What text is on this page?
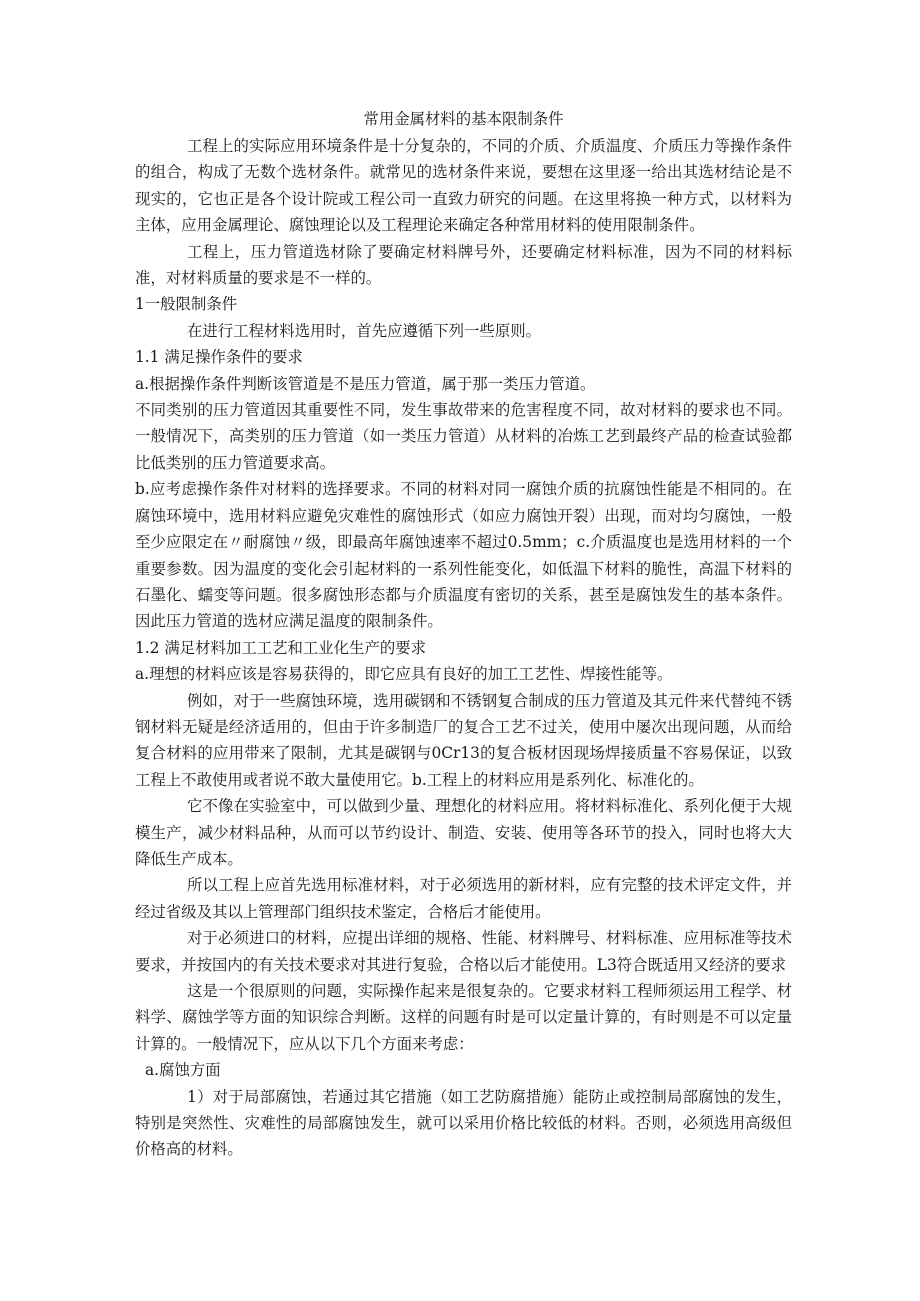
常用金属材料的基本限制条件

工程上的实际应用环境条件是十分复杂的，不同的介质、介质温度、介质压力等操作条件的组合，构成了无数个选材条件。就常见的选材条件来说，要想在这里逐一给出其选材结论是不现实的，它也正是各个设计院或工程公司一直致力研究的问题。在这里将换一种方式，以材料为主体，应用金属理论、腐蚀理论以及工程理论来确定各种常用材料的使用限制条件。

工程上，压力管道选材除了要确定材料牌号外，还要确定材料标准，因为不同的材料标准，对材料质量的要求是不一样的。

1一般限制条件

在进行工程材料选用时，首先应遵循下列一些原则。

1.1 满足操作条件的要求

a.根据操作条件判断该管道是不是压力管道，属于那一类压力管道。

不同类别的压力管道因其重要性不同，发生事故带来的危害程度不同，故对材料的要求也不同。一般情况下，高类别的压力管道（如一类压力管道）从材料的冶炼工艺到最终产品的检查试验都比低类别的压力管道要求高。

b.应考虑操作条件对材料的选择要求。不同的材料对同一腐蚀介质的抗腐蚀性能是不相同的。在腐蚀环境中，选用材料应避免灾难性的腐蚀形式（如应力腐蚀开裂）出现，而对均匀腐蚀，一般至少应限定在〃耐腐蚀〃级，即最高年腐蚀速率不超过0.5mm；c.介质温度也是选用材料的一个重要参数。因为温度的变化会引起材料的一系列性能变化，如低温下材料的脆性，高温下材料的石墨化、蠕变等问题。很多腐蚀形态都与介质温度有密切的关系，甚至是腐蚀发生的基本条件。因此压力管道的选材应满足温度的限制条件。

1.2 满足材料加工工艺和工业化生产的要求

a.理想的材料应该是容易获得的，即它应具有良好的加工工艺性、焊接性能等。

例如，对于一些腐蚀环境，选用碳钢和不锈钢复合制成的压力管道及其元件来代替纯不锈钢材料无疑是经济适用的，但由于许多制造厂的复合工艺不过关，使用中屡次出现问题，从而给复合材料的应用带来了限制，尤其是碳钢与0Cr13的复合板材因现场焊接质量不容易保证，以致工程上不敢使用或者说不敢大量使用它。b.工程上的材料应用是系列化、标准化的。

它不像在实验室中，可以做到少量、理想化的材料应用。将材料标准化、系列化便于大规模生产，减少材料品种，从而可以节约设计、制造、安装、使用等各环节的投入，同时也将大大降低生产成本。

所以工程上应首先选用标准材料，对于必须选用的新材料，应有完整的技术评定文件，并经过省级及其以上管理部门组织技术鉴定，合格后才能使用。

对于必须进口的材料，应提出详细的规格、性能、材料牌号、材料标准、应用标准等技术要求，并按国内的有关技术要求对其进行复验，合格以后才能使用。L3符合既适用又经济的要求

这是一个很原则的问题，实际操作起来是很复杂的。它要求材料工程师须运用工程学、材料学、腐蚀学等方面的知识综合判断。这样的问题有时是可以定量计算的，有时则是不可以定量计算的。一般情况下，应从以下几个方面来考虑：

a.腐蚀方面

1）对于局部腐蚀，若通过其它措施（如工艺防腐措施）能防止或控制局部腐蚀的发生，特别是突然性、灾难性的局部腐蚀发生，就可以采用价格比较低的材料。否则，必须选用高级但价格高的材料。
